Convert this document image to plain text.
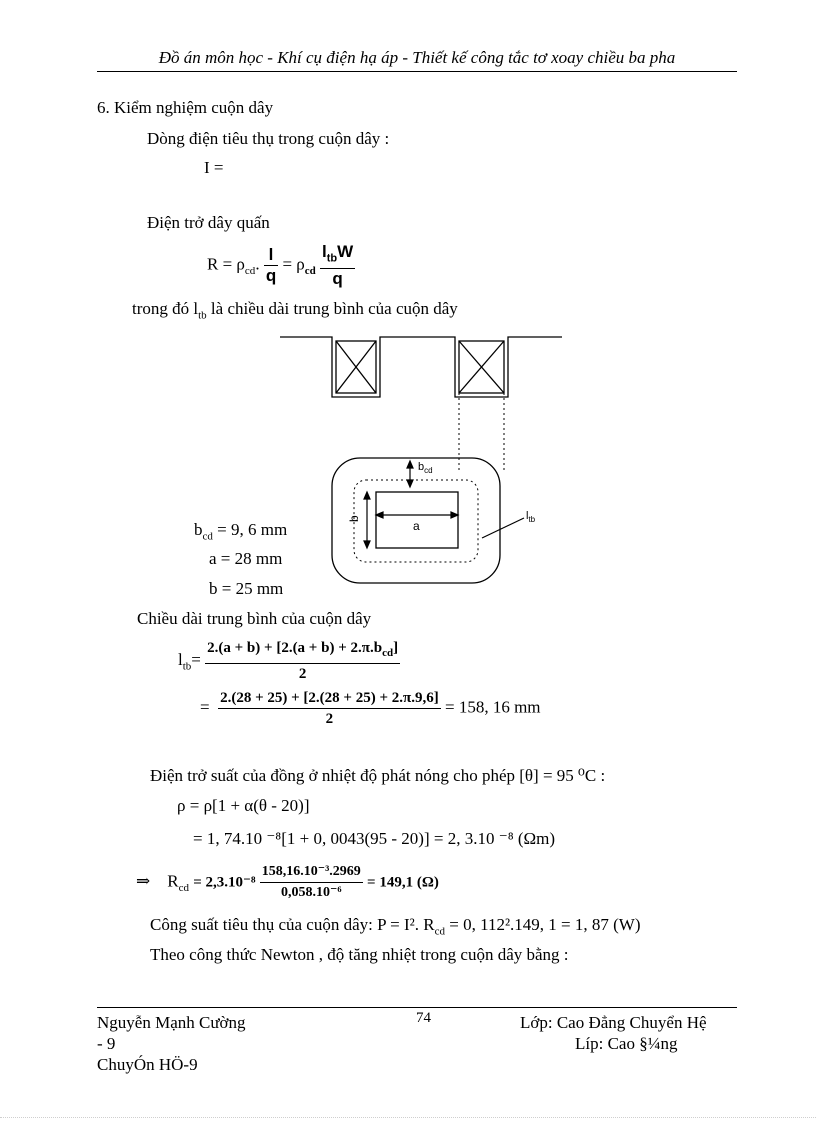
Đồ án môn học - Khí cụ điện hạ áp - Thiết kế công tắc tơ xoay chiều ba pha
6. Kiểm nghiệm cuộn dây
Dòng điện tiêu thụ trong cuộn dây :
I =
Điện trở dây quấn
$R = \rho_{cd}$. $\frac{l}{q} = \rho_{cd} \frac{l_{tb}W}{q}$
trong đó $l_{tb}$ là chiều dài trung bình của cuộn dây
$b_{cd}$
a
b	$l_{tb}$
$b_{cd} = 9$, 6 mm
a = 28 mm
b = 25 mm
Chiều dài trung bình của cuộn dây
$l_{tb}= \frac{2.(a + b) + [2.(a + b) + 2.\pi.b_{cd}]}{2}$
= $\frac{2.(28 + 25) + [2.(28 + 25) + 2.\pi.9,6]}{2} = 158$, 16 mm
Điện trở suất của đồng ở nhiệt độ phát nóng cho phép [θ] = 95 ⁰C :
ρ = ρ[1 + α(θ - 20)]
= 1, 74.10 ⁻⁸[1 + 0, 0043(95 - 20)] = 2, 3.10 ⁻⁸ (Ωm)
⇒ $R_{cd} = 2,3.10^{-8} \frac{\text{158,16.10⁻³.2969}}{\text{0,058.10⁻⁶}} = 149,1$ (Ω)
Công suất tiêu thụ của cuộn dây: P = I². $R_{cd} = 0$, 112².149, 1 = 1, 87 (W)
Theo công thức Newton , độ tăng nhiệt trong cuộn dây bằng :
Nguyễn Mạnh Cường
- 9
ChuyÓn HÖ-9
74	Lớp: Cao Đẳng Chuyển Hệ
Líp: Cao §¼ng
